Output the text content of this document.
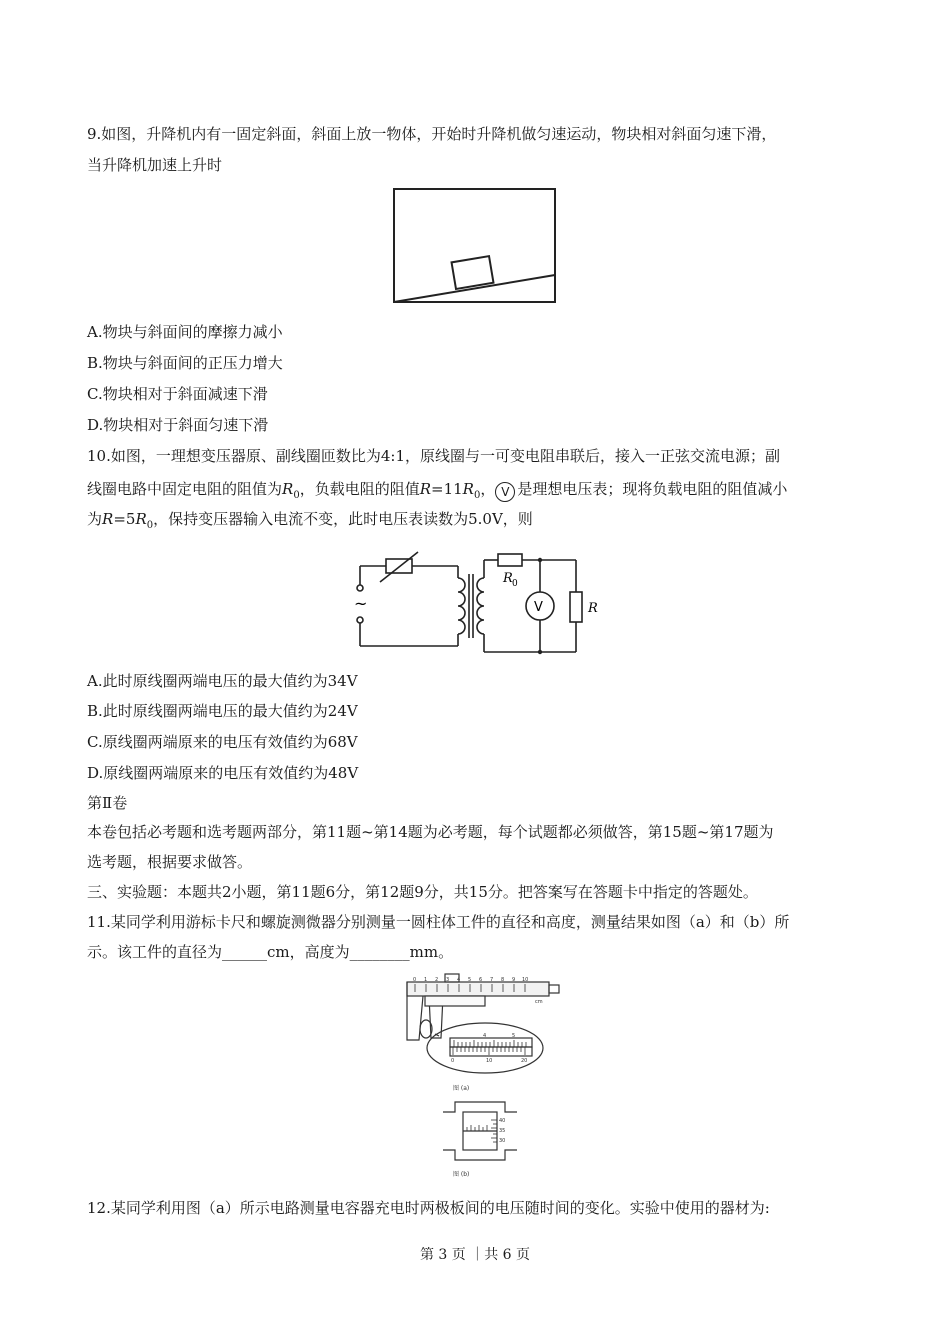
9.如图，升降机内有一固定斜面，斜面上放一物体，开始时升降机做匀速运动，物块相对斜面匀速下滑，
当升降机加速上升时
A.物块与斜面间的摩擦力减小
B.物块与斜面间的正压力增大
C.物块相对于斜面减速下滑
D.物块相对于斜面匀速下滑
10.如图，一理想变压器原、副线圈匝数比为4:1，原线圈与一可变电阻串联后，接入一正弦交流电源；副
线圈电路中固定电阻的阻值为$R_0$，负载电阻的阻值$R=11R_0$， V 是理想电压表；现将负载电阻的阻值减小
为$R=5R_0$，保持变压器输入电流不变，此时电压表读数为5.0V，则
~	V
R 0
R
A.此时原线圈两端电压的最大值约为34V
B.此时原线圈两端电压的最大值约为24V
C.原线圈两端原来的电压有效值约为68V
D.原线圈两端原来的电压有效值约为48V
第Ⅱ卷
本卷包括必考题和选考题两部分，第11题~第14题为必考题，每个试题都必须做答，第15题~第17题为
选考题，根据要求做答。
三、实验题：本题共2小题，第11题6分，第12题9分，共15分。把答案写在答题卡中指定的答题处。
11.某同学利用游标卡尺和螺旋测微器分别测量一圆柱体工件的直径和高度，测量结果如图（a）和（b）所
示。该工件的直径为______cm，高度为________mm。
0 1 2 3 4 5 6 7 8 9 10
cm
4	5
0	10	20
40
35
30
图 (a)
图 (b)
12.某同学利用图（a）所示电路测量电容器充电时两极板间的电压随时间的变化。实验中使用的器材为:
第 3 页 ｜共 6 页
